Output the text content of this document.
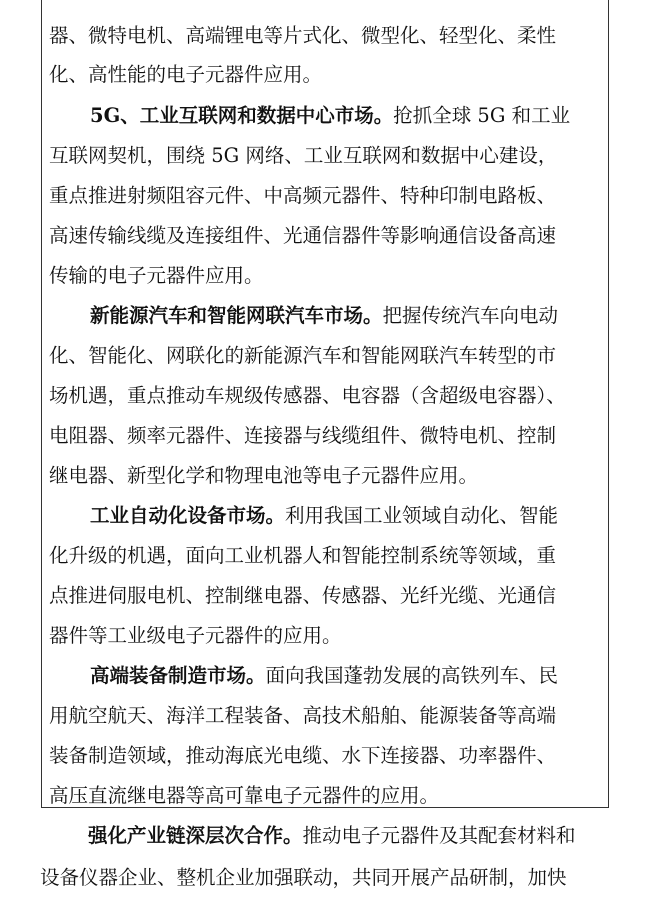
器、微特电机、高端锂电等片式化、微型化、轻型化、柔性
化、高性能的电子元器件应用。
5G、工业互联网和数据中心市场。抢抓全球 5G 和工业
互联网契机，围绕 5G 网络、工业互联网和数据中心建设，
重点推进射频阻容元件、中高频元器件、特种印制电路板、
高速传输线缆及连接组件、光通信器件等影响通信设备高速
传输的电子元器件应用。
新能源汽车和智能网联汽车市场。把握传统汽车向电动
化、智能化、网联化的新能源汽车和智能网联汽车转型的市
场机遇，重点推动车规级传感器、电容器（含超级电容器）、
电阻器、频率元器件、连接器与线缆组件、微特电机、控制
继电器、新型化学和物理电池等电子元器件应用。
工业自动化设备市场。利用我国工业领域自动化、智能
化升级的机遇，面向工业机器人和智能控制系统等领域，重
点推进伺服电机、控制继电器、传感器、光纤光缆、光通信
器件等工业级电子元器件的应用。
高端装备制造市场。面向我国蓬勃发展的高铁列车、民
用航空航天、海洋工程装备、高技术船舶、能源装备等高端
装备制造领域，推动海底光电缆、水下连接器、功率器件、
高压直流继电器等高可靠电子元器件的应用。
强化产业链深层次合作。推动电子元器件及其配套材料和
设备仪器企业、整机企业加强联动，共同开展产品研制，加快
